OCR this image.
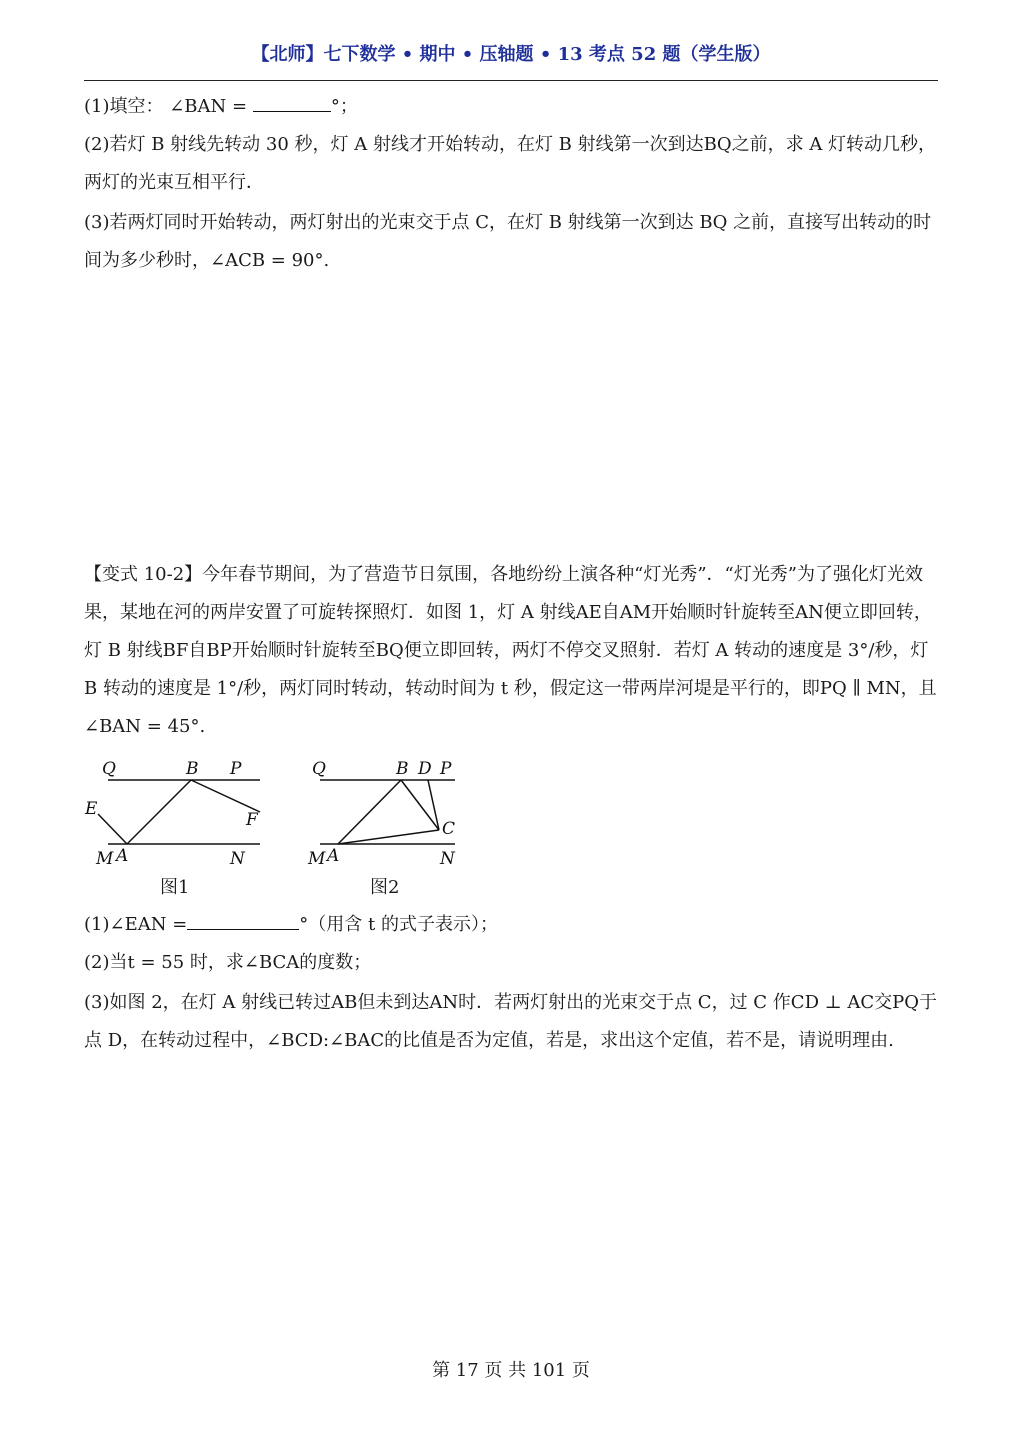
【北师】七下数学 • 期中 • 压轴题 • 13 考点 52 题（学生版）

(1)填空： ∠BAN =	°；

(2)若灯 B 射线先转动 30 秒，灯 A 射线才开始转动，在灯 B 射线第一次到达BQ之前，求 A 灯转动几秒，两灯的光束互相平行．

(3)若两灯同时开始转动，两灯射出的光束交于点 C，在灯 B 射线第一次到达 BQ 之前，直接写出转动的时间为多少秒时，∠ACB = 90°.

【变式 10-2】今年春节期间，为了营造节日氛围，各地纷纷上演各种“灯光秀”．“灯光秀”为了强化灯光效果，某地在河的两岸安置了可旋转探照灯．如图 1，灯 A 射线AE自AM开始顺时针旋转至AN便立即回转，灯 B 射线BF自BP开始顺时针旋转至BQ便立即回转，两灯不停交叉照射．若灯 A 转动的速度是 3°/秒，灯 B 转动的速度是 1°/秒，两灯同时转动，转动时间为 t 秒，假定这一带两岸河堤是平行的，即PQ ∥ MN，且∠BAN = 45°.

Q	B P
E
F
M A	N
图1
Q	B D P
C
M A	N
图2

(1)∠EAN =	°（用含 t 的式子表示）；

(2)当t = 55 时，求∠BCA的度数；

(3)如图 2，在灯 A 射线已转过AB但未到达AN时．若两灯射出的光束交于点 C，过 C 作CD ⊥ AC交PQ于点 D，在转动过程中，∠BCD:∠BAC的比值是否为定值，若是，求出这个定值，若不是，请说明理由.

第 17 页 共 101 页
